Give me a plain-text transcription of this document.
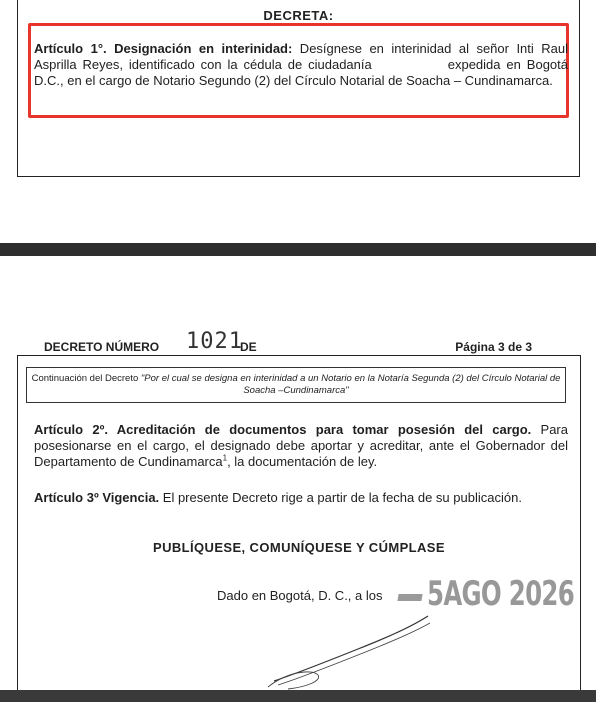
DECRETA:
Artículo 1°. Designación en interinidad: Desígnese en interinidad al señor Inti Raul Asprilla Reyes, identificado con la cédula de ciudadanía	expedida en Bogotá D.C., en el cargo de Notario Segundo (2) del Círculo Notarial de Soacha – Cundinamarca.
DECRETO NÚMERO 1021
DE	Página 3 de 3
Continuación del Decreto "Por el cual se designa en interinidad a un Notario en la Notaría Segunda (2) del Círculo Notarial de Soacha –Cundinamarca"
Artículo 2º. Acreditación de documentos para tomar posesión del cargo. Para posesionarse en el cargo, el designado debe aportar y acreditar, ante el Gobernador del Departamento de Cundinamarca$^1$, la documentación de ley.
Artículo 3º Vigencia. El presente Decreto rige a partir de la fecha de su publicación.
PUBLÍQUESE, COMUNÍQUESE Y CÚMPLASE
Dado en Bogotá, D. C., a los 5AGO 2026
